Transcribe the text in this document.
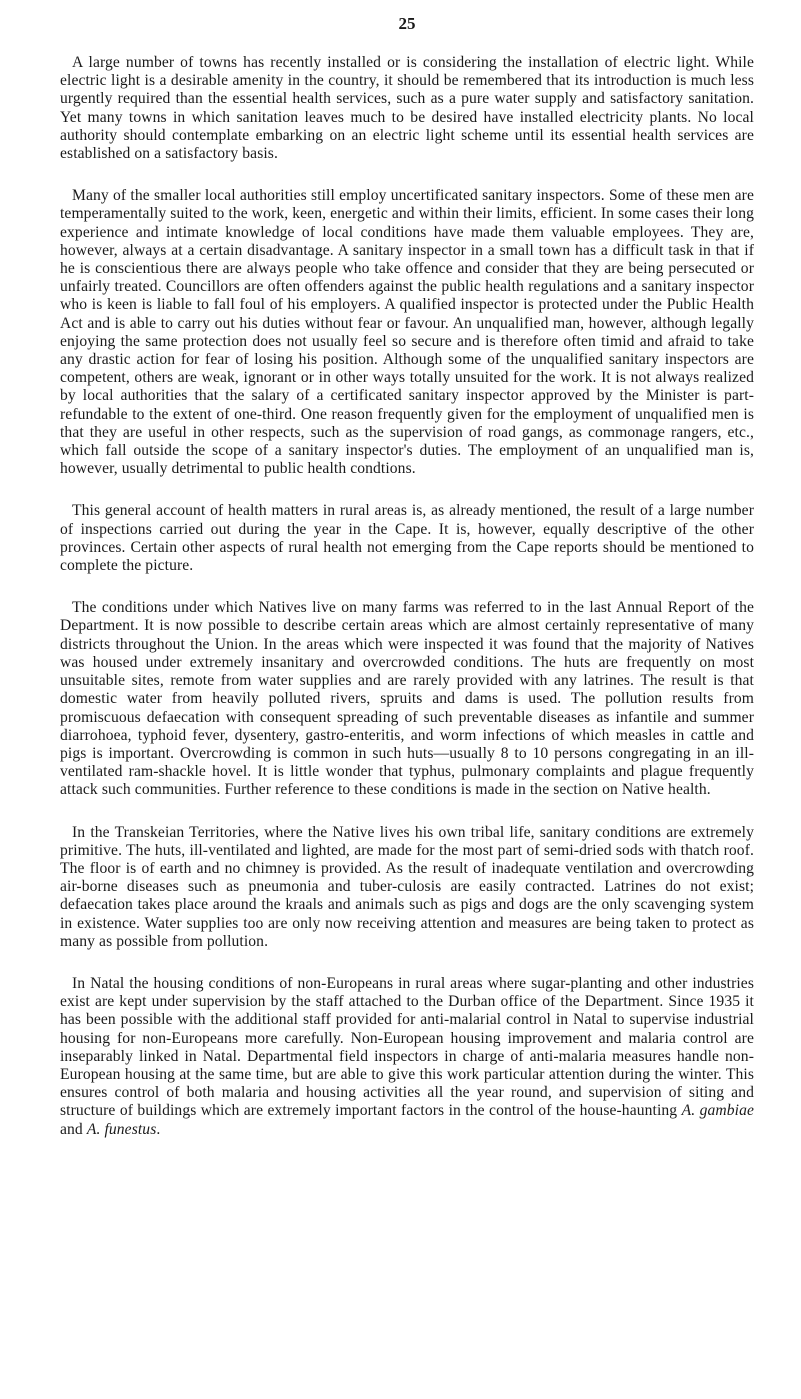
25

A large number of towns has recently installed or is considering the installation of electric light. While electric light is a desirable amenity in the country, it should be remembered that its introduction is much less urgently required than the essential health services, such as a pure water supply and satisfactory sanitation. Yet many towns in which sanitation leaves much to be desired have installed electricity plants. No local authority should contemplate embarking on an electric light scheme until its essential health services are established on a satisfactory basis.

Many of the smaller local authorities still employ uncertificated sanitary inspectors. Some of these men are temperamentally suited to the work, keen, energetic and within their limits, efficient. In some cases their long experience and intimate knowledge of local conditions have made them valuable employees. They are, however, always at a certain disadvantage. A sanitary inspector in a small town has a difficult task in that if he is conscientious there are always people who take offence and consider that they are being persecuted or unfairly treated. Councillors are often offenders against the public health regulations and a sanitary inspector who is keen is liable to fall foul of his employers. A qualified inspector is protected under the Public Health Act and is able to carry out his duties without fear or favour. An unqualified man, however, although legally enjoying the same protection does not usually feel so secure and is therefore often timid and afraid to take any drastic action for fear of losing his position. Although some of the unqualified sanitary inspectors are competent, others are weak, ignorant or in other ways totally unsuited for the work. It is not always realized by local authorities that the salary of a certificated sanitary inspector approved by the Minister is part-refundable to the extent of one-third. One reason frequently given for the employment of unqualified men is that they are useful in other respects, such as the supervision of road gangs, as commonage rangers, etc., which fall outside the scope of a sanitary inspector's duties. The employment of an unqualified man is, however, usually detrimental to public health condtions.

This general account of health matters in rural areas is, as already mentioned, the result of a large number of inspections carried out during the year in the Cape. It is, however, equally descriptive of the other provinces. Certain other aspects of rural health not emerging from the Cape reports should be mentioned to complete the picture.

The conditions under which Natives live on many farms was referred to in the last Annual Report of the Department. It is now possible to describe certain areas which are almost certainly representative of many districts throughout the Union. In the areas which were inspected it was found that the majority of Natives was housed under extremely insanitary and overcrowded conditions. The huts are frequently on most unsuitable sites, remote from water supplies and are rarely provided with any latrines. The result is that domestic water from heavily polluted rivers, spruits and dams is used. The pollution results from promiscuous defaecation with consequent spreading of such preventable diseases as infantile and summer diarrohoea, typhoid fever, dysentery, gastro-enteritis, and worm infections of which measles in cattle and pigs is important. Overcrowding is common in such huts—usually 8 to 10 persons congregating in an ill-ventilated ram-shackle hovel. It is little wonder that typhus, pulmonary complaints and plague frequently attack such communities. Further reference to these conditions is made in the section on Native health.

In the Transkeian Territories, where the Native lives his own tribal life, sanitary conditions are extremely primitive. The huts, ill-ventilated and lighted, are made for the most part of semi-dried sods with thatch roof. The floor is of earth and no chimney is provided. As the result of inadequate ventilation and overcrowding air-borne diseases such as pneumonia and tuber-culosis are easily contracted. Latrines do not exist; defaecation takes place around the kraals and animals such as pigs and dogs are the only scavenging system in existence. Water supplies too are only now receiving attention and measures are being taken to protect as many as possible from pollution.

In Natal the housing conditions of non-Europeans in rural areas where sugar-planting and other industries exist are kept under supervision by the staff attached to the Durban office of the Department. Since 1935 it has been possible with the additional staff provided for anti-malarial control in Natal to supervise industrial housing for non-Europeans more carefully. Non-European housing improvement and malaria control are inseparably linked in Natal. Departmental field inspectors in charge of anti-malaria measures handle non-European housing at the same time, but are able to give this work particular attention during the winter. This ensures control of both malaria and housing activities all the year round, and supervision of siting and structure of buildings which are extremely important factors in the control of the house-haunting A. gambiae and A. funestus.
